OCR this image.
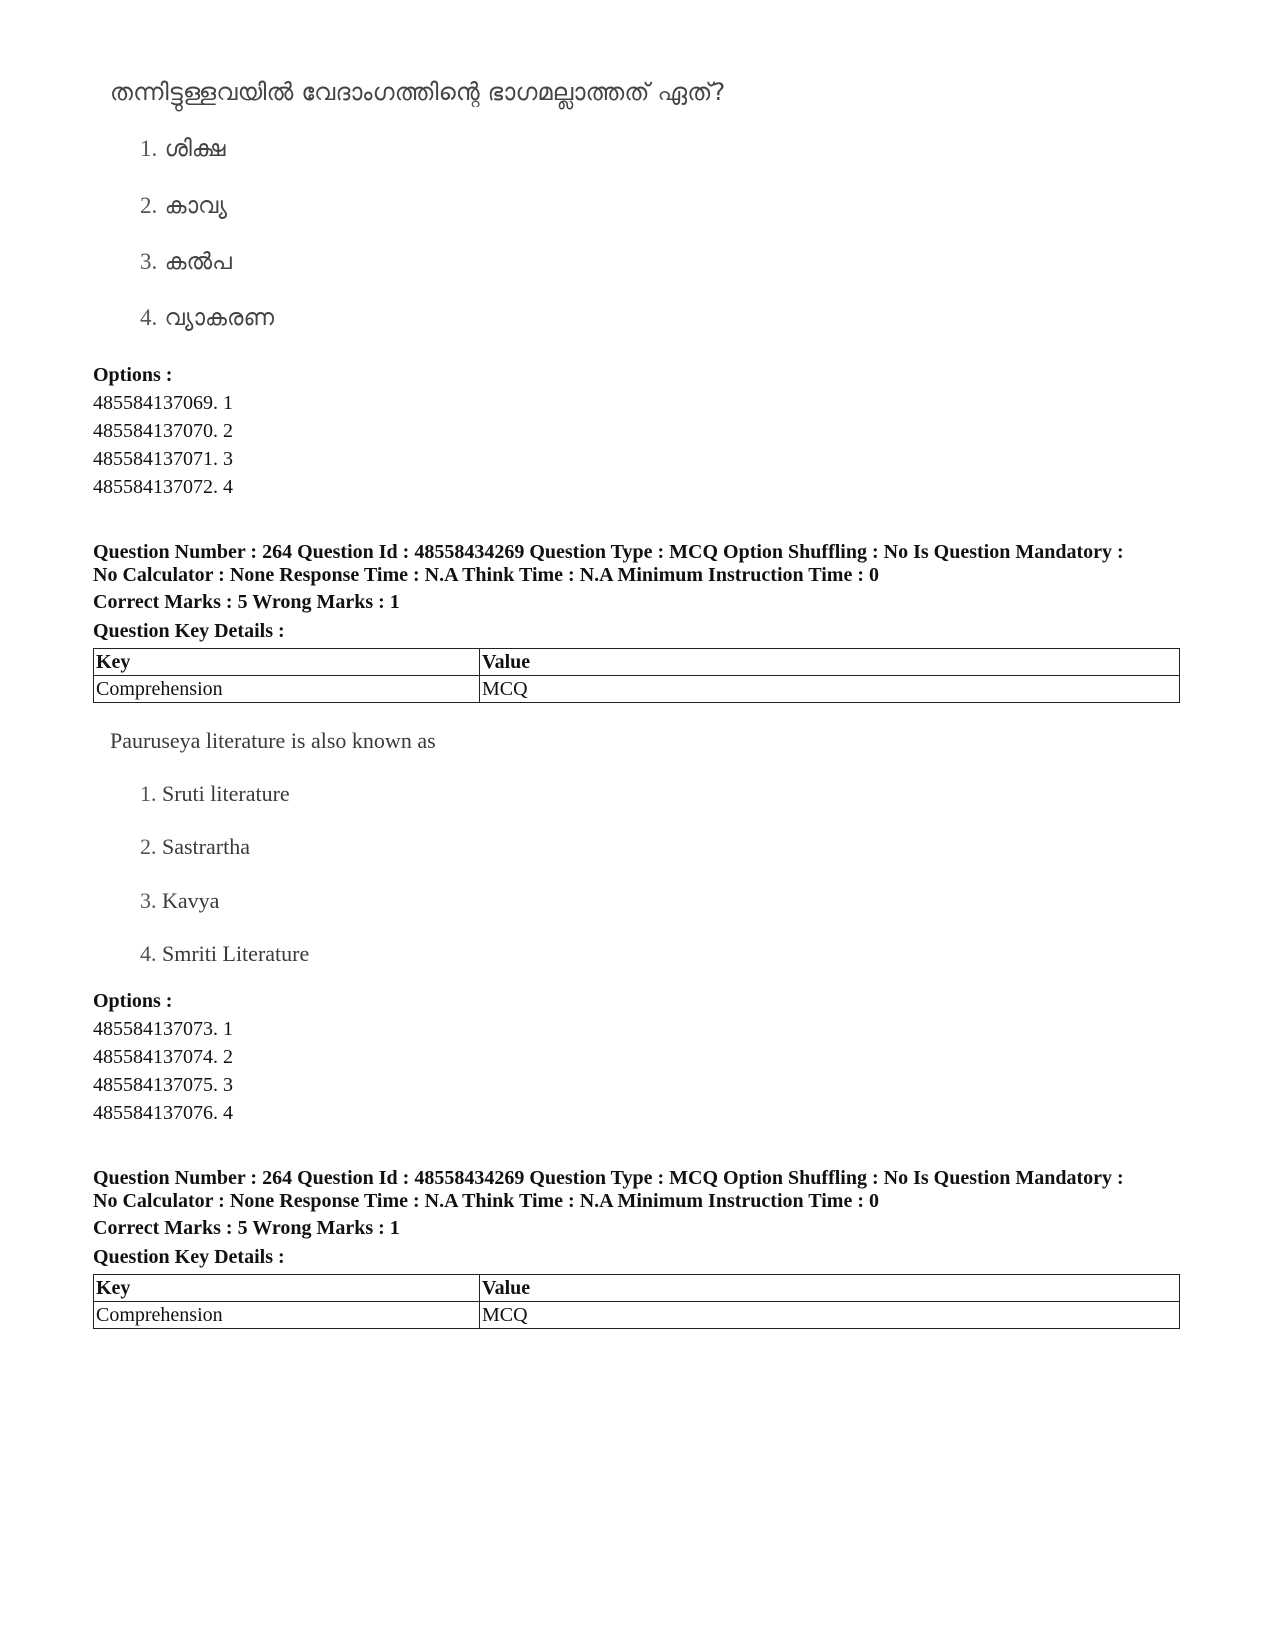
തന്നിട്ടുള്ളവയിൽ വേദാംഗത്തിന്റെ ഭാഗമല്ലാത്തത് ഏത്?
1. ശിക്ഷ
2. കാവ്യ
3. കൽപ
4. വ്യാകരണ
Options :
485584137069. 1
485584137070. 2
485584137071. 3
485584137072. 4
Question Number : 264 Question Id : 48558434269 Question Type : MCQ Option Shuffling : No Is Question Mandatory :
No Calculator : None Response Time : N.A Think Time : N.A Minimum Instruction Time : 0
Correct Marks : 5 Wrong Marks : 1
Question Key Details :
Key	Value
Comprehension	MCQ
Pauruseya literature is also known as
1. Sruti literature
2. Sastrartha
3. Kavya
4. Smriti Literature
Options :
485584137073. 1
485584137074. 2
485584137075. 3
485584137076. 4
Question Number : 264 Question Id : 48558434269 Question Type : MCQ Option Shuffling : No Is Question Mandatory :
No Calculator : None Response Time : N.A Think Time : N.A Minimum Instruction Time : 0
Correct Marks : 5 Wrong Marks : 1
Question Key Details :
Key	Value
Comprehension	MCQ
